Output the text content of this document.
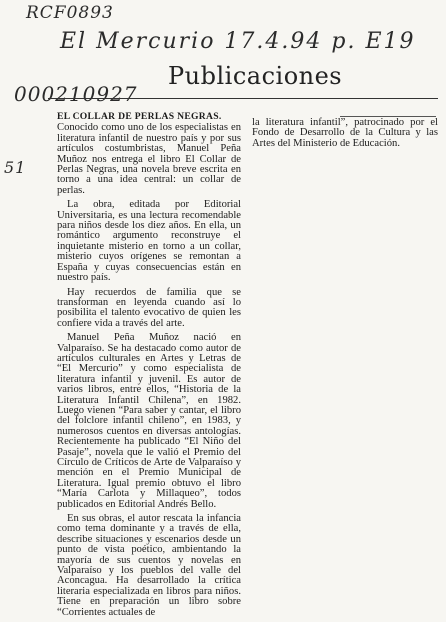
RCF0893
El Mercurio 17.4.94 p. E19
Publicaciones
000210927
51
EL COLLAR DE PERLAS NEGRAS.

Conocido como uno de los especialistas en literatura infantil de nuestro país y por sus artículos costumbristas, Manuel Peña Muñoz nos entrega el libro El Collar de Perlas Negras, una novela breve escrita en torno a una idea central: un collar de perlas.

La obra, editada por Editorial Universitaria, es una lectura recomendable para niños desde los diez años. En ella, un romántico argumento reconstruye el inquietante misterio en torno a un collar, misterio cuyos orígenes se remontan a España y cuyas consecuencias están en nuestro país.

Hay recuerdos de familia que se transforman en leyenda cuando así lo posibilita el talento evocativo de quien les confiere vida a través del arte.

Manuel Peña Muñoz nació en Valparaíso. Se ha destacado como autor de artículos culturales en Artes y Letras de “El Mercurio” y como especialista de literatura infantil y juvenil. Es autor de varios libros, entre ellos, “Historia de la Literatura Infantil Chilena”, en 1982. Luego vienen “Para saber y cantar, el libro del folclore infantil chileno”, en 1983, y numerosos cuentos en diversas antologías. Recientemente ha publicado “El Niño del Pasaje”, novela que le valió el Premio del Círculo de Críticos de Arte de Valparaíso y mención en el Premio Municipal de Literatura. Igual premio obtuvo el libro “María Carlota y Millaqueo”, todos publicados en Editorial Andrés Bello.

En sus obras, el autor rescata la infancia como tema dominante y a través de ella, describe situaciones y escenarios desde un punto de vista poético, ambientando la mayoría de sus cuentos y novelas en Valparaíso y los pueblos del valle del Aconcagua. Ha desarrollado la crítica literaria especializada en libros para niños. Tiene en preparación un libro sobre “Corrientes actuales de

la literatura infantil”, patrocinado por el Fondo de Desarrollo de la Cultura y las Artes del Ministerio de Educación.
